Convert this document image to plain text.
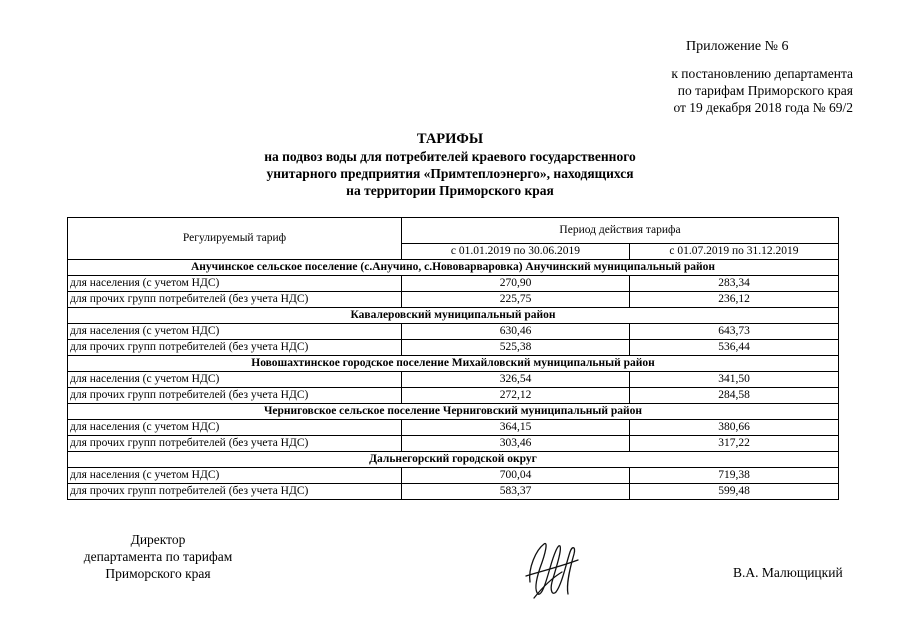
Приложение № 6
к постановлению департамента
по тарифам Приморского края
от 19 декабря 2018 года № 69/2
ТАРИФЫ
на подвоз воды для потребителей краевого государственного
унитарного предприятия «Примтеплоэнерго», находящихся
на территории Приморского края
Регулируемый тариф	Период действия тарифа	
	с 01.01.2019 по 30.06.2019	с 01.07.2019 по 31.12.2019
Анучинское сельское поселение (с.Анучино, с.Нововарваровка) Анучинский муниципальный район		
для населения (с учетом НДС)	270,90	283,34
для прочих групп потребителей (без учета НДС)	225,75	236,12
Кавалеровский муниципальный район		
для населения (с учетом НДС)	630,46	643,73
для прочих групп потребителей (без учета НДС)	525,38	536,44
Новошахтинское городское поселение Михайловский муниципальный район		
для населения (с учетом НДС)	326,54	341,50
для прочих групп потребителей (без учета НДС)	272,12	284,58
Черниговское сельское поселение Черниговский муниципальный район		
для населения (с учетом НДС)	364,15	380,66
для прочих групп потребителей (без учета НДС)	303,46	317,22
Дальнегорский городской округ		
для населения (с учетом НДС)	700,04	719,38
для прочих групп потребителей (без учета НДС)	583,37	599,48
Директор
департамента по тарифам
Приморского края	В.А. Малющицкий
